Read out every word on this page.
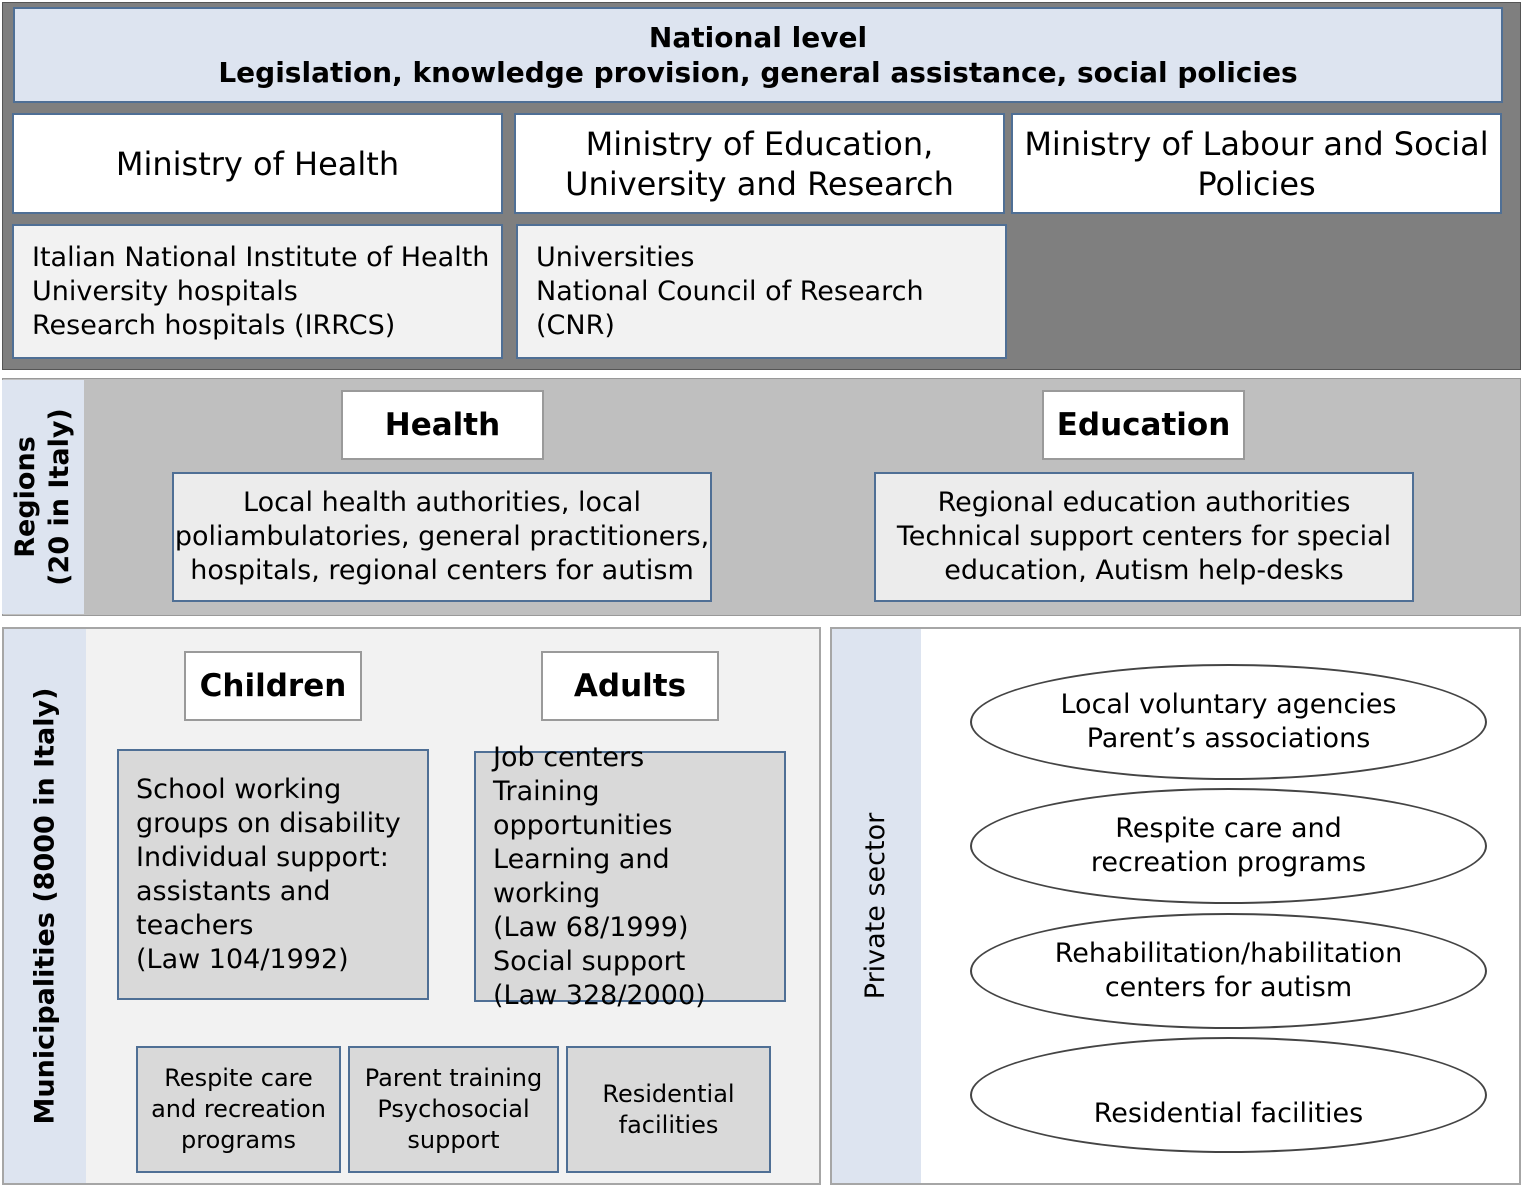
National level
Legislation, knowledge provision, general assistance, social policies
Ministry of Health
Ministry of Education,
University and Research
Ministry of Labour and Social
Policies
Italian National Institute of Health
University hospitals
Research hospitals (IRRCS)
Universities
National Council of Research (CNR)
Regions (20 in Italy)	Health	Education
Local health authorities, local
poliambulatories, general practitioners,
hospitals, regional centers for autism
Regional education authorities
Technical support centers for special
education, Autism help-desks
Municipalities (8000 in Italy)
Children	Adults
School working
groups on disability
Individual support:
assistants and
teachers
(Law 104/1992)
Job centers
Training opportunities
Learning and working
(Law 68/1999)
Social support
(Law 328/2000)
Respite care
and recreation
programs
Parent training
Psychosocial
support
Residential
facilities
Private sector
Local voluntary agencies
Parent’s associations
Respite care and
recreation programs
Rehabilitation/habilitation
centers for autism
Residential facilities
